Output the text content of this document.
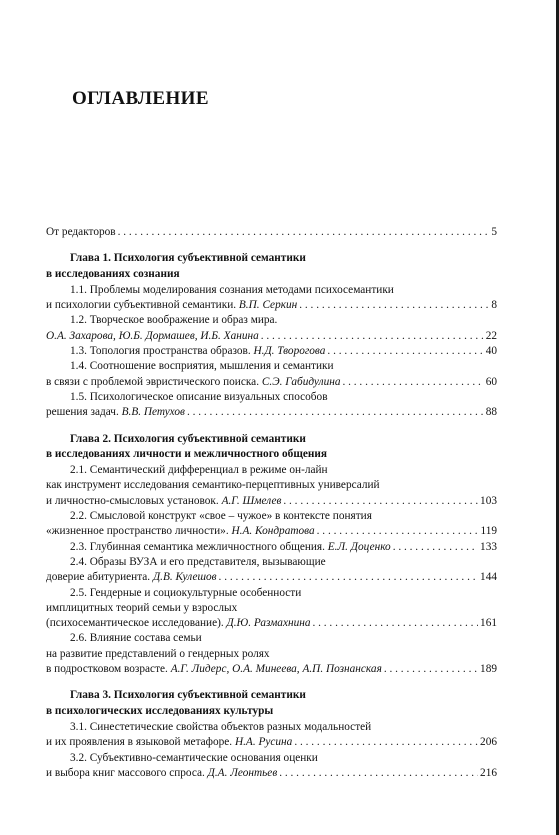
ОГЛАВЛЕНИЕ
От редакторов . . .	5
Глава 1. Психология субъективной семантики
в исследованиях сознания
1.1. Проблемы моделирования сознания методами психосемантики
и психологии субъективной семантики. В.П. Серкин . . .	8
1.2. Творческое воображение и образ мира.
О.А. Захарова, Ю.Б. Дормашев, И.Б. Ханина . . .	22
1.3. Топология пространства образов. Н.Д. Творогова . . .	40
1.4. Соотношение восприятия, мышления и семантики
в связи с проблемой эвристического поиска. С.Э. Габидулина . . .	60
1.5. Психологическое описание визуальных способов
решения задач. В.В. Петухов . . .	88
Глава 2. Психология субъективной семантики
в исследованиях личности и межличностного общения
2.1. Семантический дифференциал в режиме он-лайн
как инструмент исследования семантико-перцептивных универсалий
и личностно-смысловых установок. А.Г. Шмелев . . .	103
2.2. Смысловой конструкт «свое – чужое» в контексте понятия
«жизненное пространство личности». Н.А. Кондратова . . .	119
2.3. Глубинная семантика межличностного общения. Е.Л. Доценко . . .	133
2.4. Образы ВУЗА и его представителя, вызывающие
доверие абитуриента. Д.В. Кулешов . . .	144
2.5. Гендерные и социокультурные особенности
имплицитных теорий семьи у взрослых
(психосемантическое исследование). Д.Ю. Размахнина . . .	161
2.6. Влияние состава семьи
на развитие представлений о гендерных ролях
в подростковом возрасте. А.Г. Лидерс, О.А. Минеева, А.П. Познанская . . .	189
Глава 3. Психология субъективной семантики
в психологических исследованиях культуры
3.1. Синестетические свойства объектов разных модальностей
и их проявления в языковой метафоре. Н.А. Русина . . .	206
3.2. Субъективно-семантические основания оценки
и выбора книг массового спроса. Д.А. Леонтьев . . .	216
